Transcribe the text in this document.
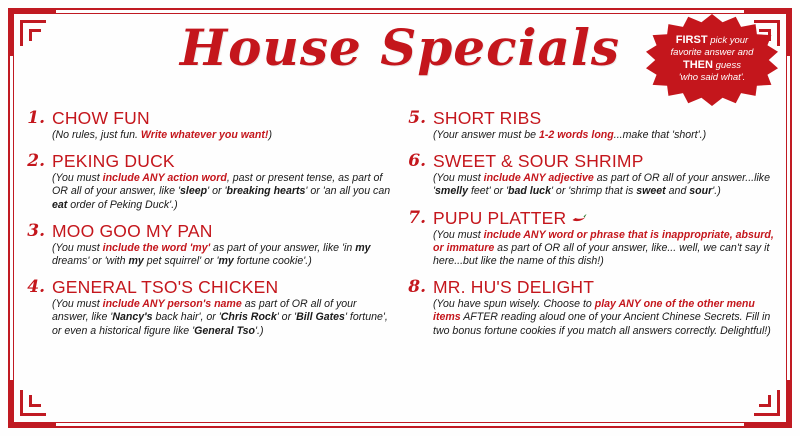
House Specials	FIRST pick your
favorite answer and
THEN guess
'who said what'.
1. CHOW FUN
(No rules, just fun. Write whatever you want!)
2. PEKING DUCK
(You must include ANY action word, past or present tense, as part of OR all of your answer, like 'sleep' or 'breaking hearts' or 'an all you can eat order of Peking Duck'.)
3. MOO GOO MY PAN
(You must include the word 'my' as part of your answer, like 'in my dreams' or 'with my pet squirrel' or 'my fortune cookie'.)
4. GENERAL TSO'S CHICKEN
(You must include ANY person's name as part of OR all of your answer, like 'Nancy's back hair', or 'Chris Rock' or 'Bill Gates' fortune', or even a historical figure like 'General Tso'.)
5. SHORT RIBS
(Your answer must be 1-2 words long...make that 'short'.)
6. SWEET & SOUR SHRIMP
(You must include ANY adjective as part of OR all of your answer...like 'smelly feet' or 'bad luck' or 'shrimp that is sweet and sour'.)
7. PUPU PLATTER
(You must include ANY word or phrase that is inappropriate, absurd, or immature as part of OR all of your answer, like... well, we can't say it here...but like the name of this dish!)
8. MR. HU'S DELIGHT
(You have spun wisely. Choose to play ANY one of the other menu items AFTER reading aloud one of your Ancient Chinese Secrets. Fill in two bonus fortune cookies if you match all answers correctly. Delightful!)
